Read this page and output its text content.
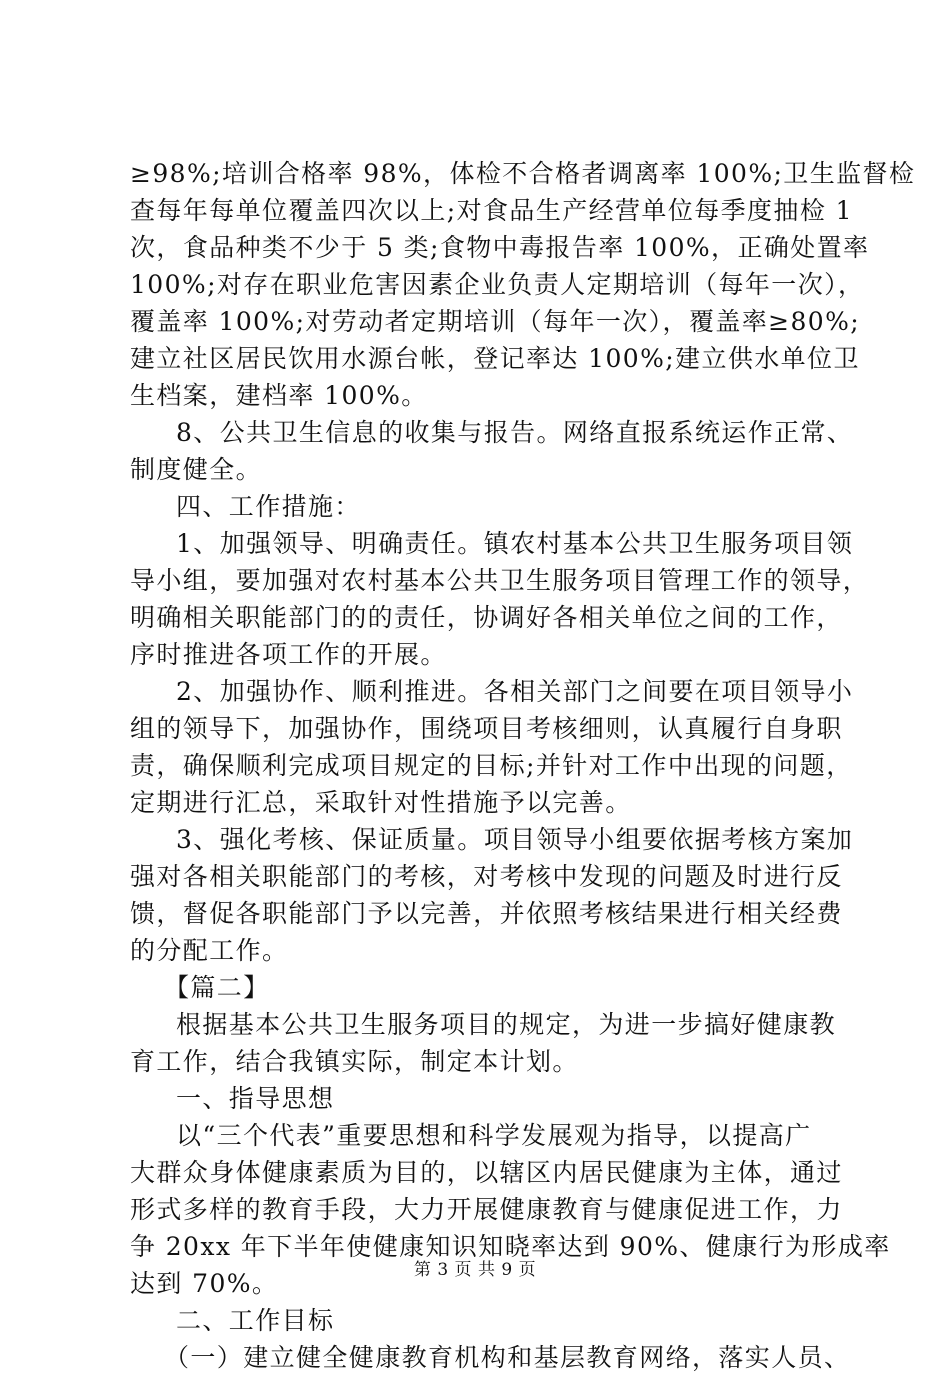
≥98%;培训合格率 98%，体检不合格者调离率 100%;卫生监督检
查每年每单位覆盖四次以上;对食品生产经营单位每季度抽检 1
次，食品种类不少于 5 类;食物中毒报告率 100%，正确处置率
100%;对存在职业危害因素企业负责人定期培训（每年一次），
覆盖率 100%;对劳动者定期培训（每年一次），覆盖率≥80%;
建立社区居民饮用水源台帐，登记率达 100%;建立供水单位卫
生档案，建档率 100%。
8、公共卫生信息的收集与报告。网络直报系统运作正常、
制度健全。
四、工作措施：
1、加强领导、明确责任。镇农村基本公共卫生服务项目领
导小组，要加强对农村基本公共卫生服务项目管理工作的领导，
明确相关职能部门的的责任，协调好各相关单位之间的工作，
序时推进各项工作的开展。
2、加强协作、顺利推进。各相关部门之间要在项目领导小
组的领导下，加强协作，围绕项目考核细则，认真履行自身职
责，确保顺利完成项目规定的目标;并针对工作中出现的问题，
定期进行汇总，采取针对性措施予以完善。
3、强化考核、保证质量。项目领导小组要依据考核方案加
强对各相关职能部门的考核，对考核中发现的问题及时进行反
馈，督促各职能部门予以完善，并依照考核结果进行相关经费
的分配工作。
【篇二】
根据基本公共卫生服务项目的规定，为进一步搞好健康教
育工作，结合我镇实际，制定本计划。
一、指导思想
以“三个代表”重要思想和科学发展观为指导，以提高广
大群众身体健康素质为目的，以辖区内居民健康为主体，通过
形式多样的教育手段，大力开展健康教育与健康促进工作，力
争 20xx 年下半年使健康知识知晓率达到 90%、健康行为形成率
达到 70%。
二、工作目标
（一）建立健全健康教育机构和基层教育网络，落实人员、
第 3 页 共 9 页
